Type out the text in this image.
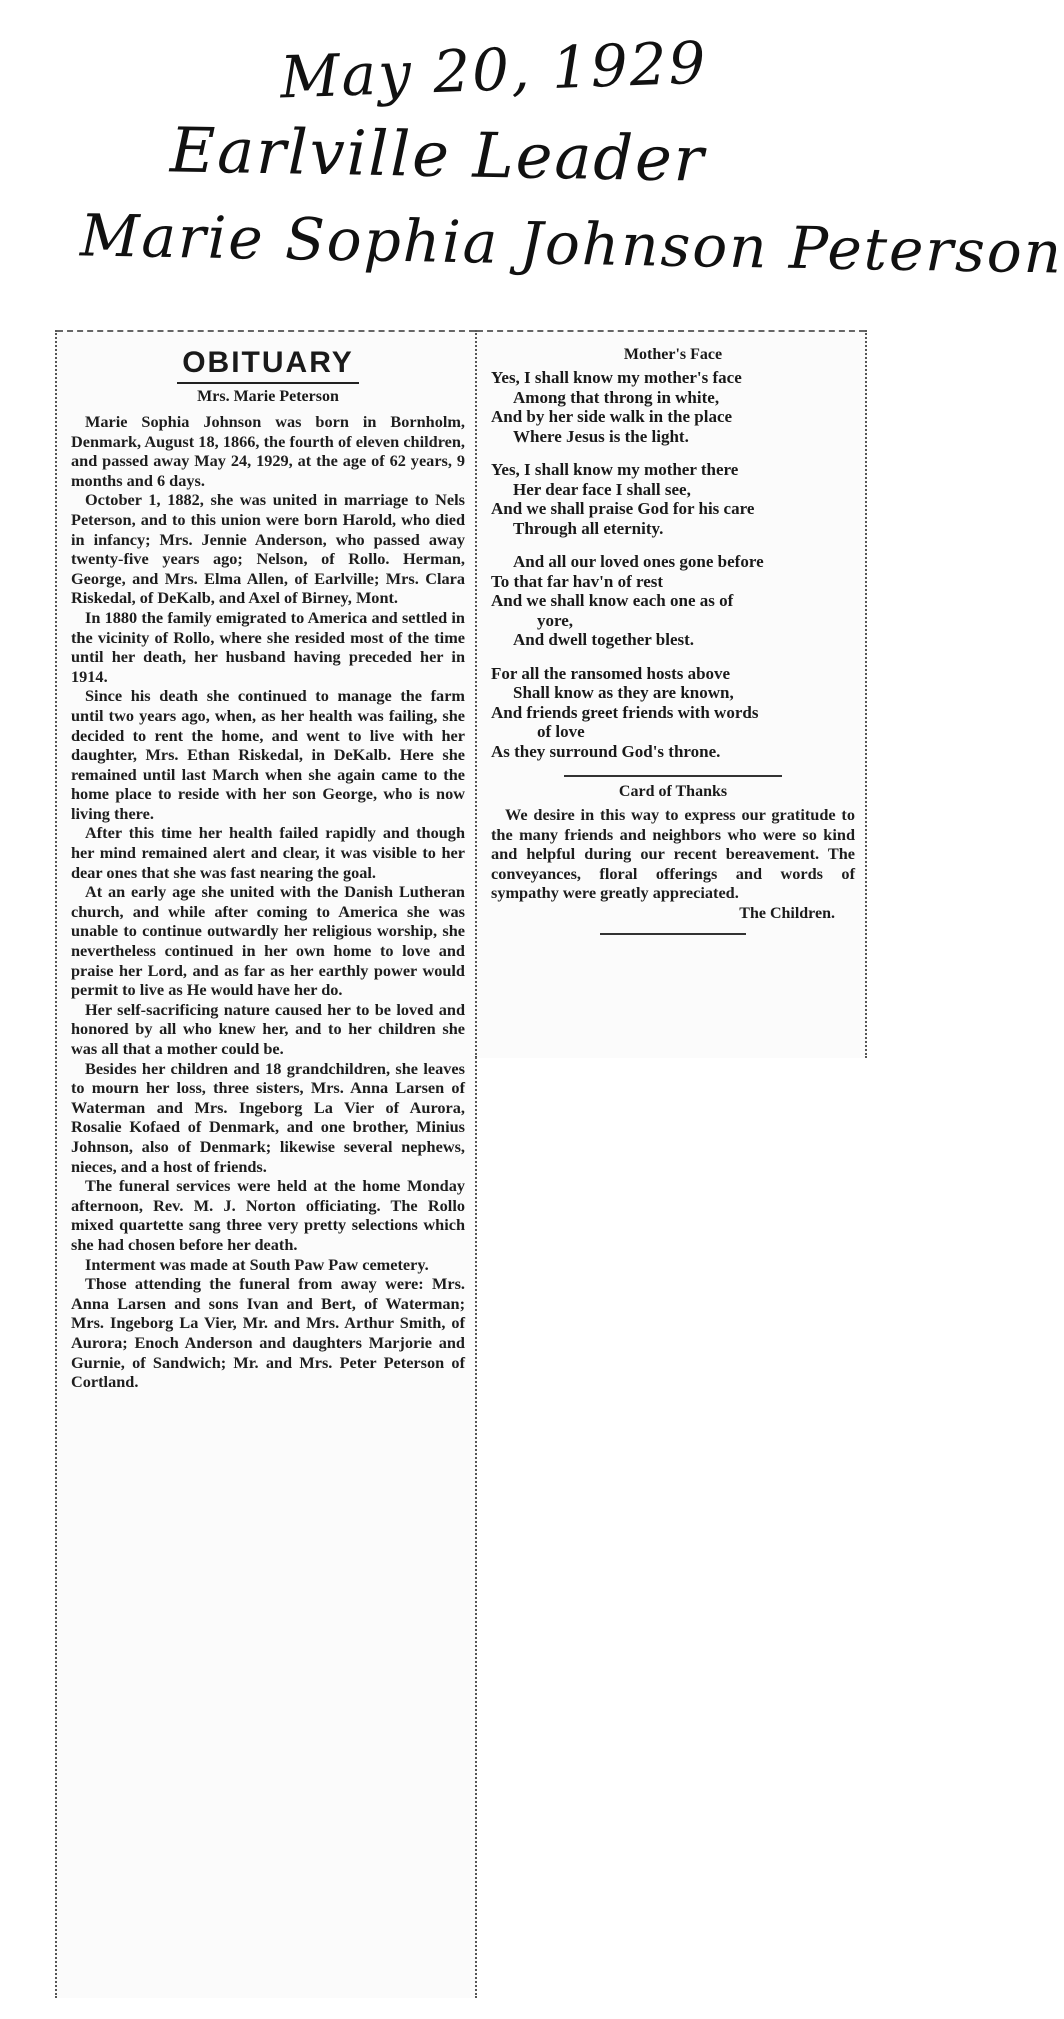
May 20, 1929
Earlville Leader
Marie Sophia Johnson Peterson
OBITUARY
Mrs. Marie Peterson

Marie Sophia Johnson was born in Bornholm, Denmark, August 18, 1866, the fourth of eleven children, and passed away May 24, 1929, at the age of 62 years, 9 months and 6 days.

October 1, 1882, she was united in marriage to Nels Peterson, and to this union were born Harold, who died in infancy; Mrs. Jennie Anderson, who passed away twenty-five years ago; Nelson, of Rollo. Herman, George, and Mrs. Elma Allen, of Earlville; Mrs. Clara Riskedal, of DeKalb, and Axel of Birney, Mont.

In 1880 the family emigrated to America and settled in the vicinity of Rollo, where she resided most of the time until her death, her husband having preceded her in 1914.

Since his death she continued to manage the farm until two years ago, when, as her health was failing, she decided to rent the home, and went to live with her daughter, Mrs. Ethan Riskedal, in DeKalb. Here she remained until last March when she again came to the home place to reside with her son George, who is now living there.

After this time her health failed rapidly and though her mind remained alert and clear, it was visible to her dear ones that she was fast nearing the goal.

At an early age she united with the Danish Lutheran church, and while after coming to America she was unable to continue outwardly her religious worship, she nevertheless continued in her own home to love and praise her Lord, and as far as her earthly power would permit to live as He would have her do.

Her self-sacrificing nature caused her to be loved and honored by all who knew her, and to her children she was all that a mother could be.

Besides her children and 18 grandchildren, she leaves to mourn her loss, three sisters, Mrs. Anna Larsen of Waterman and Mrs. Ingeborg La Vier of Aurora, Rosalie Kofaed of Denmark, and one brother, Minius Johnson, also of Denmark; likewise several nephews, nieces, and a host of friends.

The funeral services were held at the home Monday afternoon, Rev. M. J. Norton officiating. The Rollo mixed quartette sang three very pretty selections which she had chosen before her death.

Interment was made at South Paw Paw cemetery.

Those attending the funeral from away were: Mrs. Anna Larsen and sons Ivan and Bert, of Waterman; Mrs. Ingeborg La Vier, Mr. and Mrs. Arthur Smith, of Aurora; Enoch Anderson and daughters Marjorie and Gurnie, of Sandwich; Mr. and Mrs. Peter Peterson of Cortland.

Mother's Face
Yes, I shall know my mother's face
Among that throng in white,
And by her side walk in the place
Where Jesus is the light.
Yes, I shall know my mother there
Her dear face I shall see,
And we shall praise God for his care
Through all eternity.
And all our loved ones gone before
To that far hav'n of rest
And we shall know each one as of
yore,
And dwell together blest.
For all the ransomed hosts above
Shall know as they are known,
And friends greet friends with words
of love
As they surround God's throne.
Card of Thanks

We desire in this way to express our gratitude to the many friends and neighbors who were so kind and helpful during our recent bereavement. The conveyances, floral offerings and words of sympathy were greatly appreciated.

The Children.
